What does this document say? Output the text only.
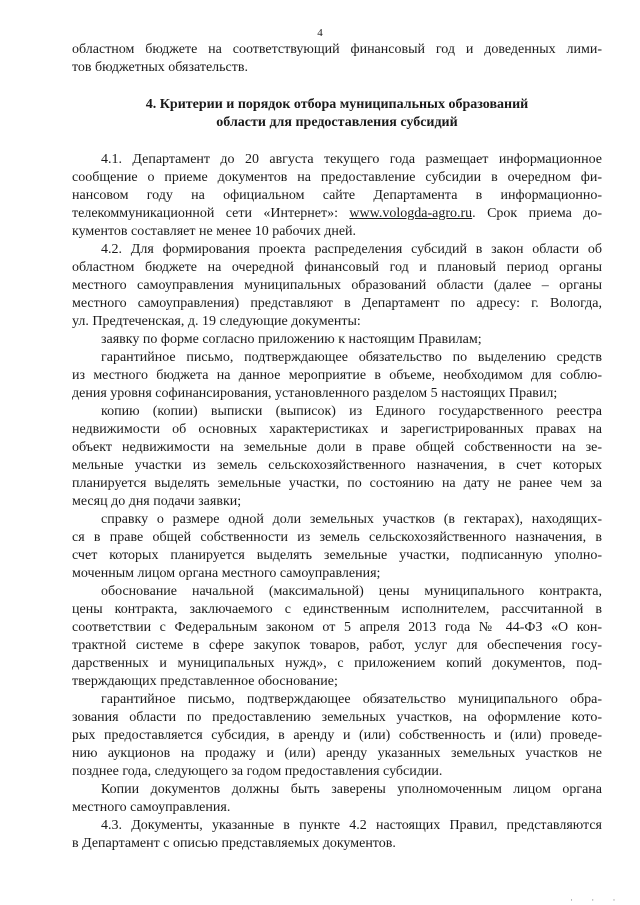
4
областном бюджете на соответствующий финансовый год и доведенных лими-
тов бюджетных обязательств.
4. Критерии и порядок отбора муниципальных образований
области для предоставления субсидий
4.1. Департамент до 20 августа текущего года размещает информационное
сообщение о приеме документов на предоставление субсидии в очередном фи-
нансовом году на официальном сайте Департамента в информационно-
телекоммуникационной сети «Интернет»: www.vologda-agro.ru. Срок приема до-
кументов составляет не менее 10 рабочих дней.
4.2. Для формирования проекта распределения субсидий в закон области об
областном бюджете на очередной финансовый год и плановый период органы
местного самоуправления муниципальных образований области (далее – органы
местного самоуправления) представляют в Департамент по адресу: г. Вологда,
ул. Предтеченская, д. 19 следующие документы:
заявку по форме согласно приложению к настоящим Правилам;
гарантийное письмо, подтверждающее обязательство по выделению средств
из местного бюджета на данное мероприятие в объеме, необходимом для соблю-
дения уровня софинансирования, установленного разделом 5 настоящих Правил;
копию (копии) выписки (выписок) из Единого государственного реестра
недвижимости об основных характеристиках и зарегистрированных правах на
объект недвижимости на земельные доли в праве общей собственности на зе-
мельные участки из земель сельскохозяйственного назначения, в счет которых
планируется выделять земельные участки, по состоянию на дату не ранее чем за
месяц до дня подачи заявки;
справку о размере одной доли земельных участков (в гектарах), находящих-
ся в праве общей собственности из земель сельскохозяйственного назначения, в
счет которых планируется выделять земельные участки, подписанную уполно-
моченным лицом органа местного самоуправления;
обоснование начальной (максимальной) цены муниципального контракта,
цены контракта, заключаемого с единственным исполнителем, рассчитанной в
соответствии с Федеральным законом от 5 апреля 2013 года № 44-ФЗ «О кон-
трактной системе в сфере закупок товаров, работ, услуг для обеспечения госу-
дарственных и муниципальных нужд», с приложением копий документов, под-
тверждающих представленное обоснование;
гарантийное письмо, подтверждающее обязательство муниципального обра-
зования области по предоставлению земельных участков, на оформление кото-
рых предоставляется субсидия, в аренду и (или) собственность и (или) проведе-
нию аукционов на продажу и (или) аренду указанных земельных участков не
позднее года, следующего за годом предоставления субсидии.
Копии документов должны быть заверены уполномоченным лицом органа
местного самоуправления.
4.3. Документы, указанные в пункте 4.2 настоящих Правил, представляются
в Департамент с описью представляемых документов.
· · ·
